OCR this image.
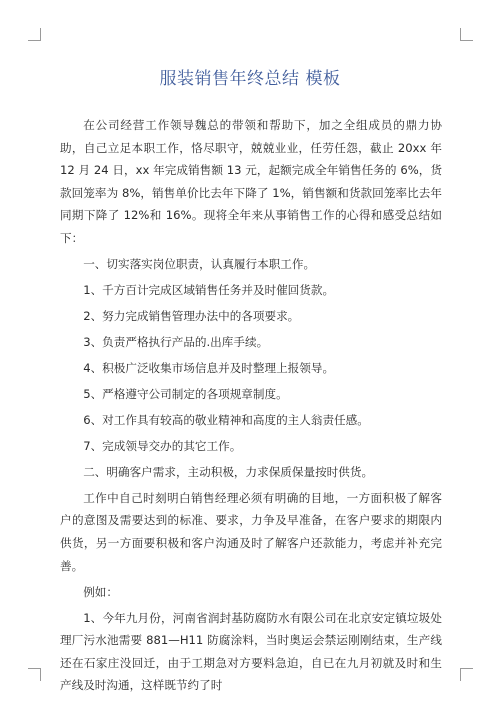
服装销售年终总结 模板

在公司经营工作领导魏总的带领和帮助下，加之全组成员的鼎力协助，自己立足本职工作，恪尽职守，兢兢业业，任劳任怨，截止 20xx 年 12 月 24 日，xx 年完成销售额 13 元，起额完成全年销售任务的 6%，货款回笼率为 8%，销售单价比去年下降了 1%，销售额和货款回笼率比去年同期下降了 12%和 16%。现将全年来从事销售工作的心得和感受总结如下：

一、切实落实岗位职责，认真履行本职工作。

1、千方百计完成区域销售任务并及时催回货款。

2、努力完成销售管理办法中的各项要求。

3、负责严格执行产品的.出库手续。

4、积极广泛收集市场信息并及时整理上报领导。

5、严格遵守公司制定的各项规章制度。

6、对工作具有较高的敬业精神和高度的主人翁责任感。

7、完成领导交办的其它工作。

二、明确客户需求，主动积极，力求保质保量按时供货。

工作中自己时刻明白销售经理必须有明确的目地，一方面积极了解客户的意图及需要达到的标准、要求，力争及早准备，在客户要求的期限内供货，另一方面要积极和客户沟通及时了解客户还款能力，考虑并补充完善。

例如：

1、今年九月份，河南省润封基防腐防水有限公司在北京安定镇垃圾处理厂污水池需要 881—H11 防腐涂料，当时奥运会禁运刚刚结束，生产线还在石家庄没回迁，由于工期急对方要料急迫，自已在九月初就及时和生产线及时沟通，这样既节约了时
